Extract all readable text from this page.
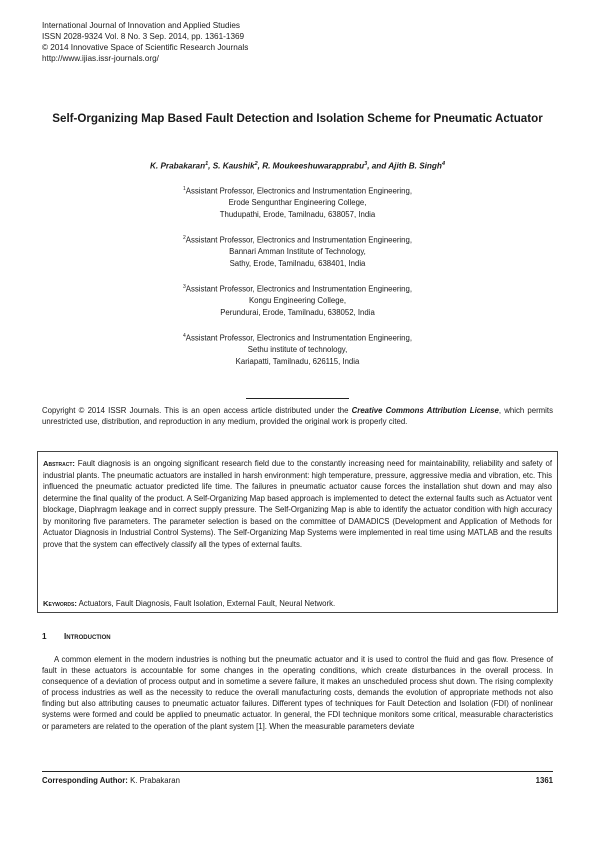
International Journal of Innovation and Applied Studies
ISSN 2028-9324 Vol. 8 No. 3 Sep. 2014, pp. 1361-1369
© 2014 Innovative Space of Scientific Research Journals
http://www.ijias.issr-journals.org/
Self-Organizing Map Based Fault Detection and Isolation Scheme for Pneumatic Actuator
K. Prabakaran$^1$, S. Kaushik$^2$, R. Moukeeshuwarapprabu$^3$, and Ajith B. Singh$^4$
$^1$Assistant Professor, Electronics and Instrumentation Engineering,
Erode Sengunthar Engineering College,
Thudupathi, Erode, Tamilnadu, 638057, India
$^2$Assistant Professor, Electronics and Instrumentation Engineering,
Bannari Amman Institute of Technology,
Sathy, Erode, Tamilnadu, 638401, India
$^3$Assistant Professor, Electronics and Instrumentation Engineering,
Kongu Engineering College,
Perundurai, Erode, Tamilnadu, 638052, India
$^4$Assistant Professor, Electronics and Instrumentation Engineering,
Sethu institute of technology,
Kariapatti, Tamilnadu, 626115, India
Copyright © 2014 ISSR Journals. This is an open access article distributed under the Creative Commons Attribution License, which permits unrestricted use, distribution, and reproduction in any medium, provided the original work is properly cited.
Abstract: Fault diagnosis is an ongoing significant research field due to the constantly increasing need for maintainability, reliability and safety of industrial plants. The pneumatic actuators are installed in harsh environment: high temperature, pressure, aggressive media and vibration, etc. This influenced the pneumatic actuator predicted life time. The failures in pneumatic actuator cause forces the installation shut down and may also determine the final quality of the product. A Self-Organizing Map based approach is implemented to detect the external faults such as Actuator vent blockage, Diaphragm leakage and in correct supply pressure. The Self-Organizing Map is able to identify the actuator condition with high accuracy by monitoring five parameters. The parameter selection is based on the committee of DAMADICS (Development and Application of Methods for Actuator Diagnosis in Industrial Control Systems). The Self-Organizing Map Systems were implemented in real time using MATLAB and the results prove that the system can effectively classify all the types of external faults.
Keywords: Actuators, Fault Diagnosis, Fault Isolation, External Fault, Neural Network.
1 Introduction
A common element in the modern industries is nothing but the pneumatic actuator and it is used to control the fluid and gas flow. Presence of fault in these actuators is accountable for some changes in the operating conditions, which create disturbances in the overall process. In consequence of a deviation of process output and in sometime a severe failure, it makes an unscheduled process shut down. The rising complexity of process industries as well as the necessity to reduce the overall manufacturing costs, demands the evolution of appropriate methods not also finding but also attributing causes to pneumatic actuator failures. Different types of techniques for Fault Detection and Isolation (FDI) of nonlinear systems were formed and could be applied to pneumatic actuator. In general, the FDI technique monitors some critical, measurable characteristics or parameters are related to the operation of the plant system [1]. When the measurable parameters deviate
Corresponding Author: K. Prabakaran	1361
